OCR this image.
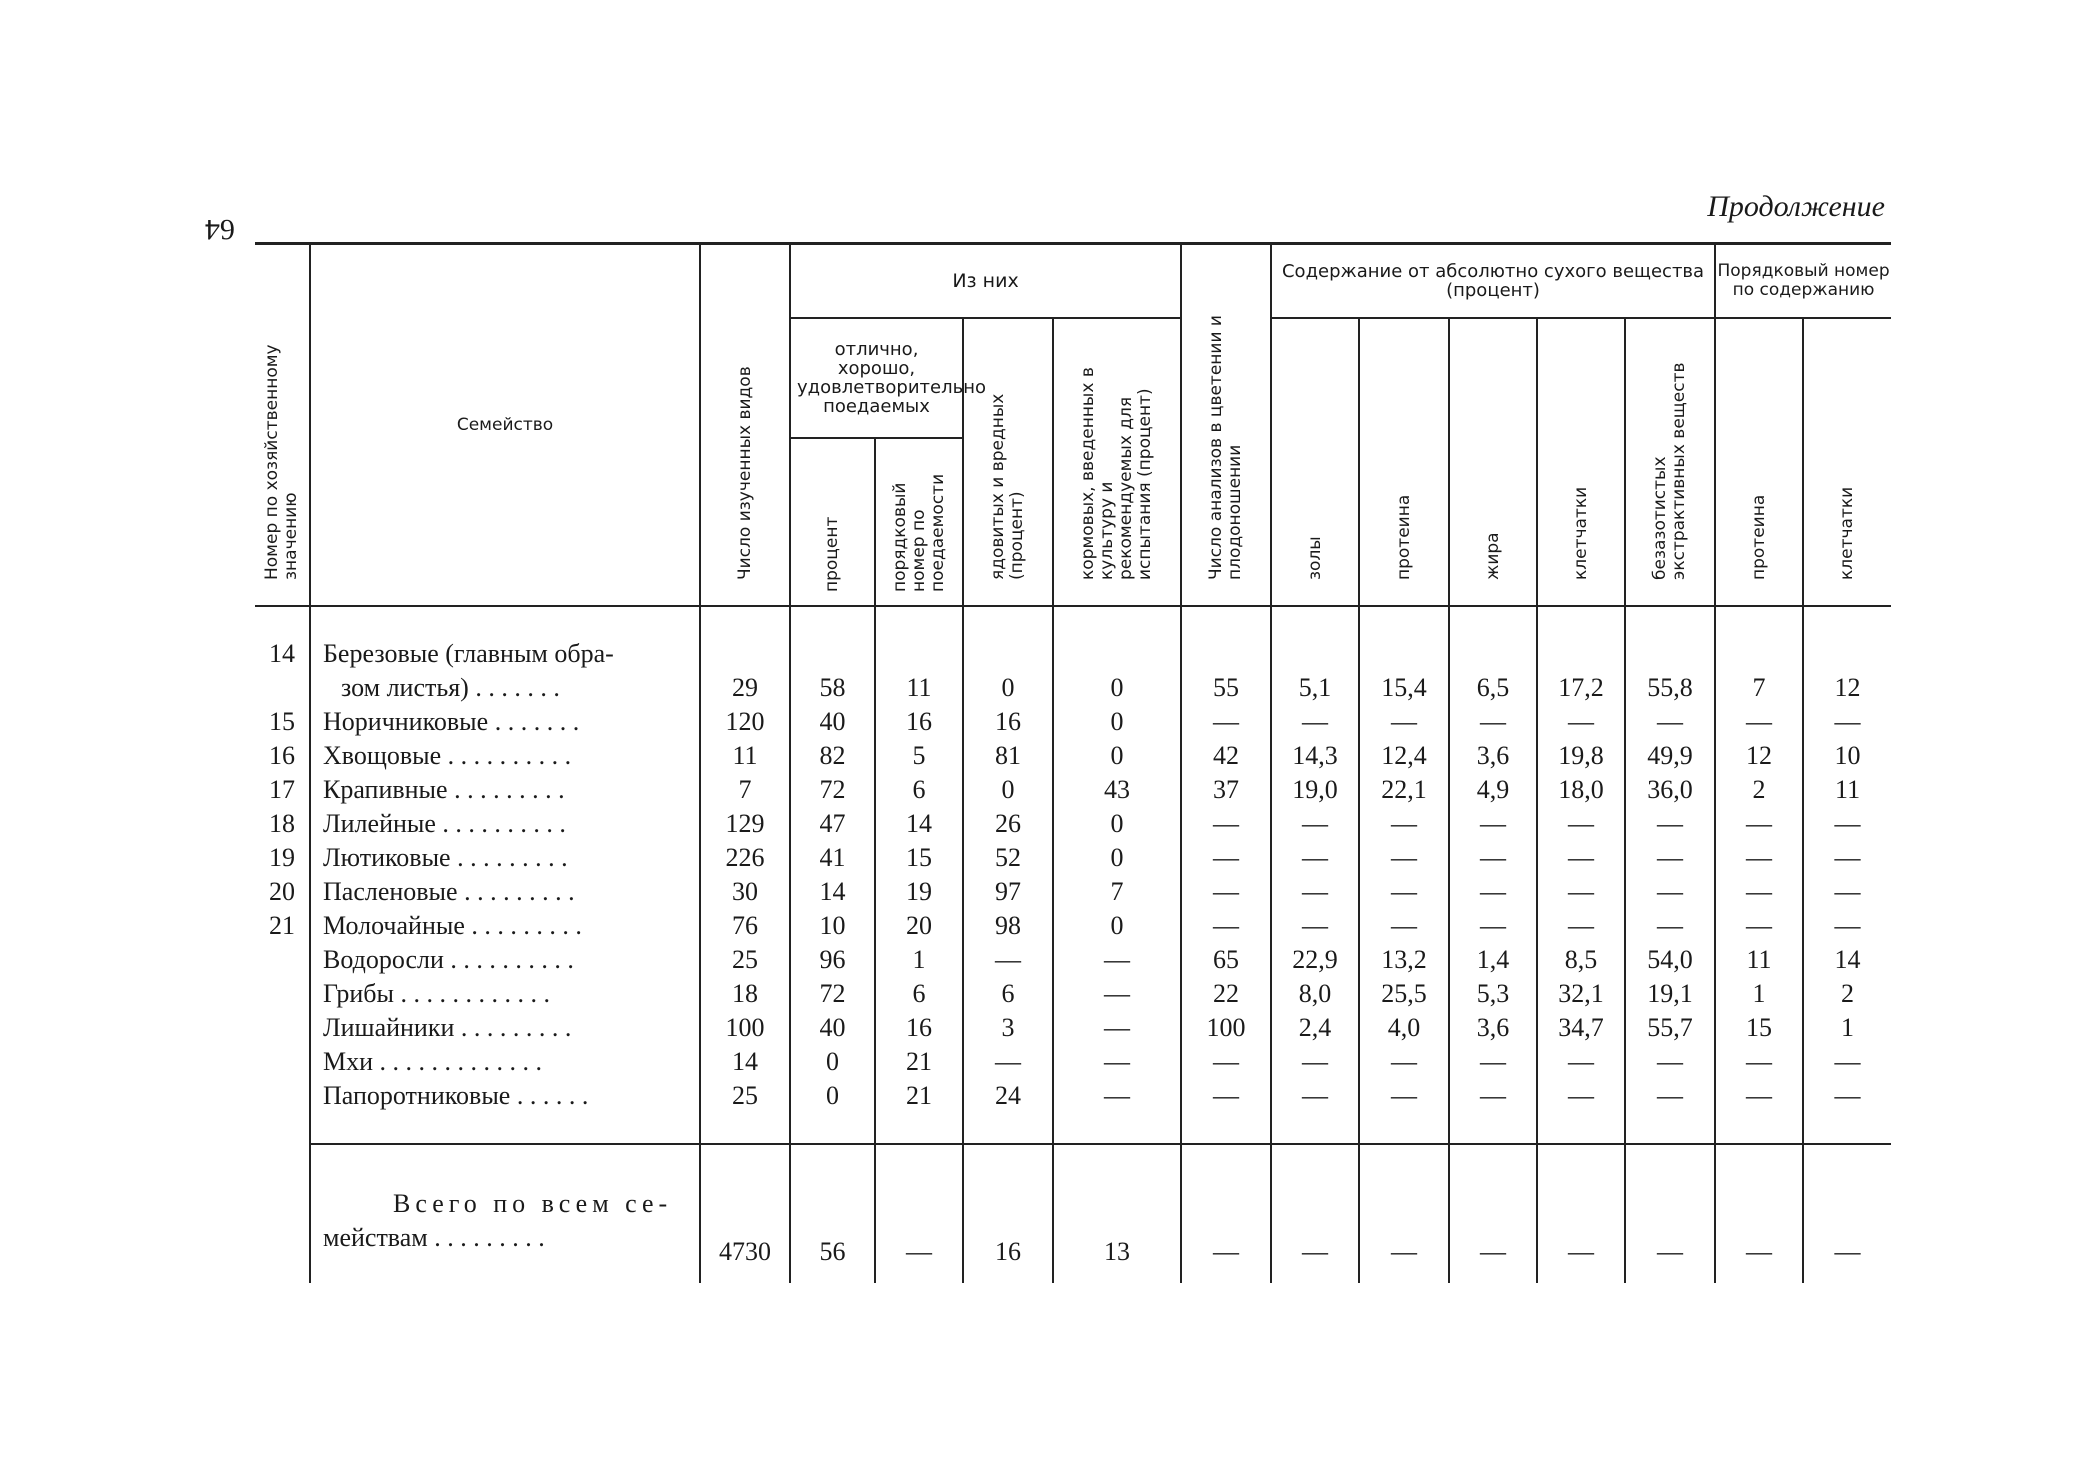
64
Продолжение
Номер по хозяйственному значению	Семейство	Число изученных видов	Из них				Число анализов в цветении и плодоношении	Содержание от абсолютно сухого вещества (процент)					Порядковый номер по содержанию	
			отлично, хорошо, удовлетворительно поедаемых		ядовитых и вредных (процент)	кормовых, введенных в культуру и рекомендуемых для испытания (процент)		золы	протеина	жира	клетчатки	безазотистых экстрактивных веществ	протеина	клетчатки
			процент	порядковый номер по поедаемости										
14	Березовые (главным обра-
зом листья) . . . . . . .	29	58	11	0	0	55	5,1	15,4	6,5	17,2	55,8	7	12
15	Норичниковые . . . . . . .	120	40	16	16	0	—	—	—	—	—	—	—	—
16	Хвощовые . . . . . . . . . .	11	82	5	81	0	42	14,3	12,4	3,6	19,8	49,9	12	10
17	Крапивные . . . . . . . . .	7	72	6	0	43	37	19,0	22,1	4,9	18,0	36,0	2	11
18	Лилейные . . . . . . . . . .	129	47	14	26	0	—	—	—	—	—	—	—	—
19	Лютиковые . . . . . . . . .	226	41	15	52	0	—	—	—	—	—	—	—	—
20	Пасленовые . . . . . . . . .	30	14	19	97	7	—	—	—	—	—	—	—	—
21	Молочайные . . . . . . . . .	76	10	20	98	0	—	—	—	—	—	—	—	—
	Водоросли . . . . . . . . . .	25	96	1	—	—	65	22,9	13,2	1,4	8,5	54,0	11	14
	Грибы . . . . . . . . . . . .	18	72	6	6	—	22	8,0	25,5	5,3	32,1	19,1	1	2
	Лишайники . . . . . . . . .	100	40	16	3	—	100	2,4	4,0	3,6	34,7	55,7	15	1
	Мхи . . . . . . . . . . . . .	14	0	21	—	—	—	—	—	—	—	—	—	—
	Папоротниковые . . . . . .	25	0	21	24	—	—	—	—	—	—	—	—	—

	Всего по всем се-
мействам . . . . . . . . .	4730	56	—	16	13	—	—	—	—	—	—	—	—
